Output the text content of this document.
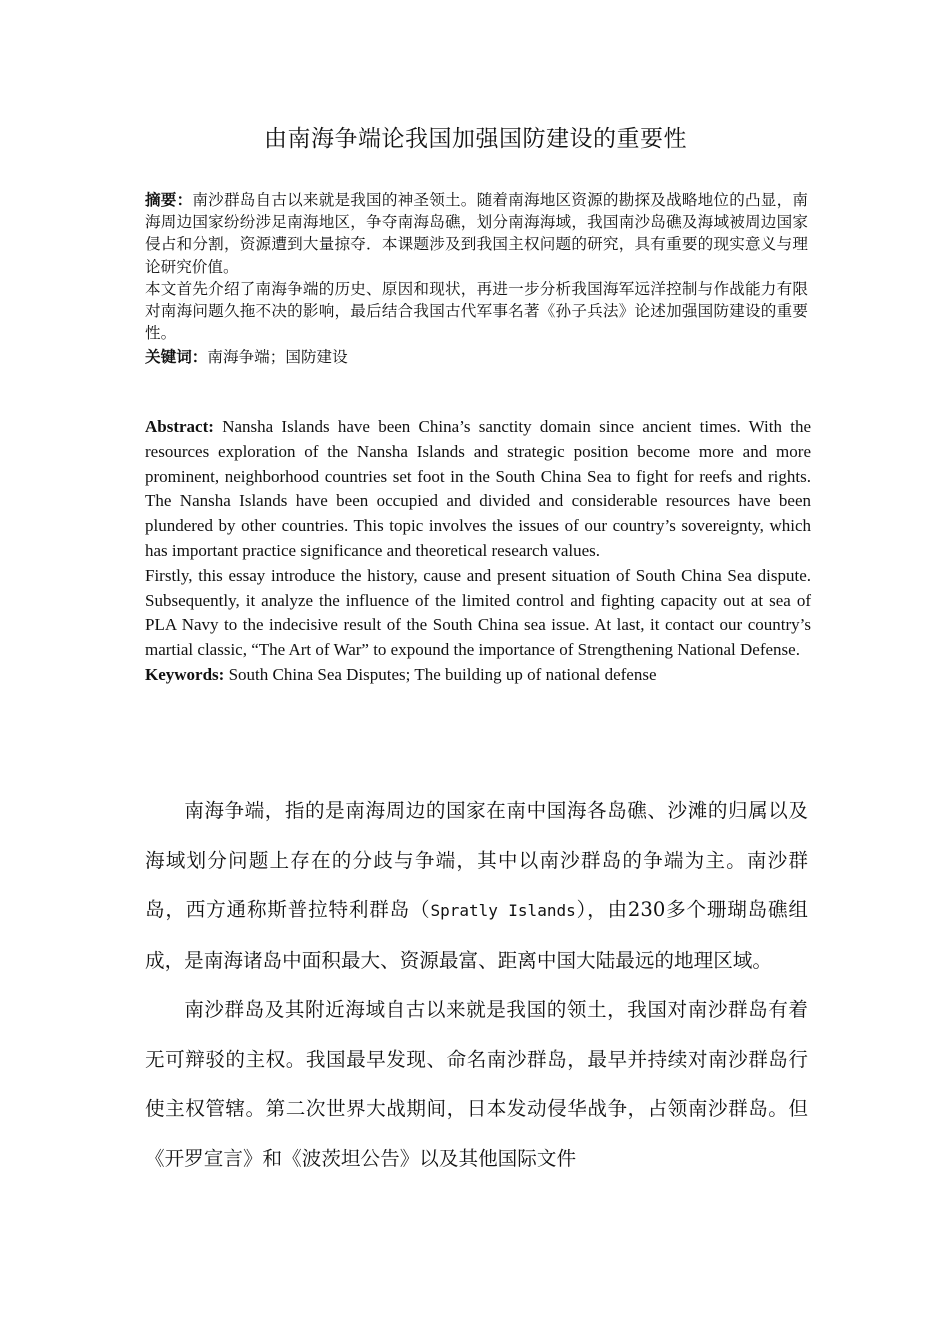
由南海争端论我国加强国防建设的重要性

摘要：南沙群岛自古以来就是我国的神圣领土。随着南海地区资源的勘探及战略地位的凸显，南海周边国家纷纷涉足南海地区，争夺南海岛礁，划分南海海域，我国南沙岛礁及海域被周边国家侵占和分割，资源遭到大量掠夺．本课题涉及到我国主权问题的研究，具有重要的现实意义与理论研究价值。

本文首先介绍了南海争端的历史、原因和现状，再进一步分析我国海军远洋控制与作战能力有限对南海问题久拖不决的影响，最后结合我国古代军事名著《孙子兵法》论述加强国防建设的重要性。

关键词：南海争端；国防建设

Abstract: Nansha Islands have been China’s sanctity domain since ancient times. With the resources exploration of the Nansha Islands and strategic position become more and more prominent, neighborhood countries set foot in the South China Sea to fight for reefs and rights. The Nansha Islands have been occupied and divided and considerable resources have been plundered by other countries. This topic involves the issues of our country’s sovereignty, which has important practice significance and theoretical research values.

Firstly, this essay introduce the history, cause and present situation of South China Sea dispute. Subsequently, it analyze the influence of the limited control and fighting capacity out at sea of PLA Navy to the indecisive result of the South China sea issue. At last, it contact our country’s martial classic, “The Art of War” to expound the importance of Strengthening National Defense.

Keywords: South China Sea Disputes; The building up of national defense

南海争端，指的是南海周边的国家在南中国海各岛礁、沙滩的归属以及海域划分问题上存在的分歧与争端，其中以南沙群岛的争端为主。南沙群岛，西方通称斯普拉特利群岛（Spratly Islands），由230多个珊瑚岛礁组成，是南海诸岛中面积最大、资源最富、距离中国大陆最远的地理区域。

南沙群岛及其附近海域自古以来就是我国的领土，我国对南沙群岛有着无可辩驳的主权。我国最早发现、命名南沙群岛，最早并持续对南沙群岛行使主权管辖。第二次世界大战期间，日本发动侵华战争，占领南沙群岛。但《开罗宣言》和《波茨坦公告》以及其他国际文件
